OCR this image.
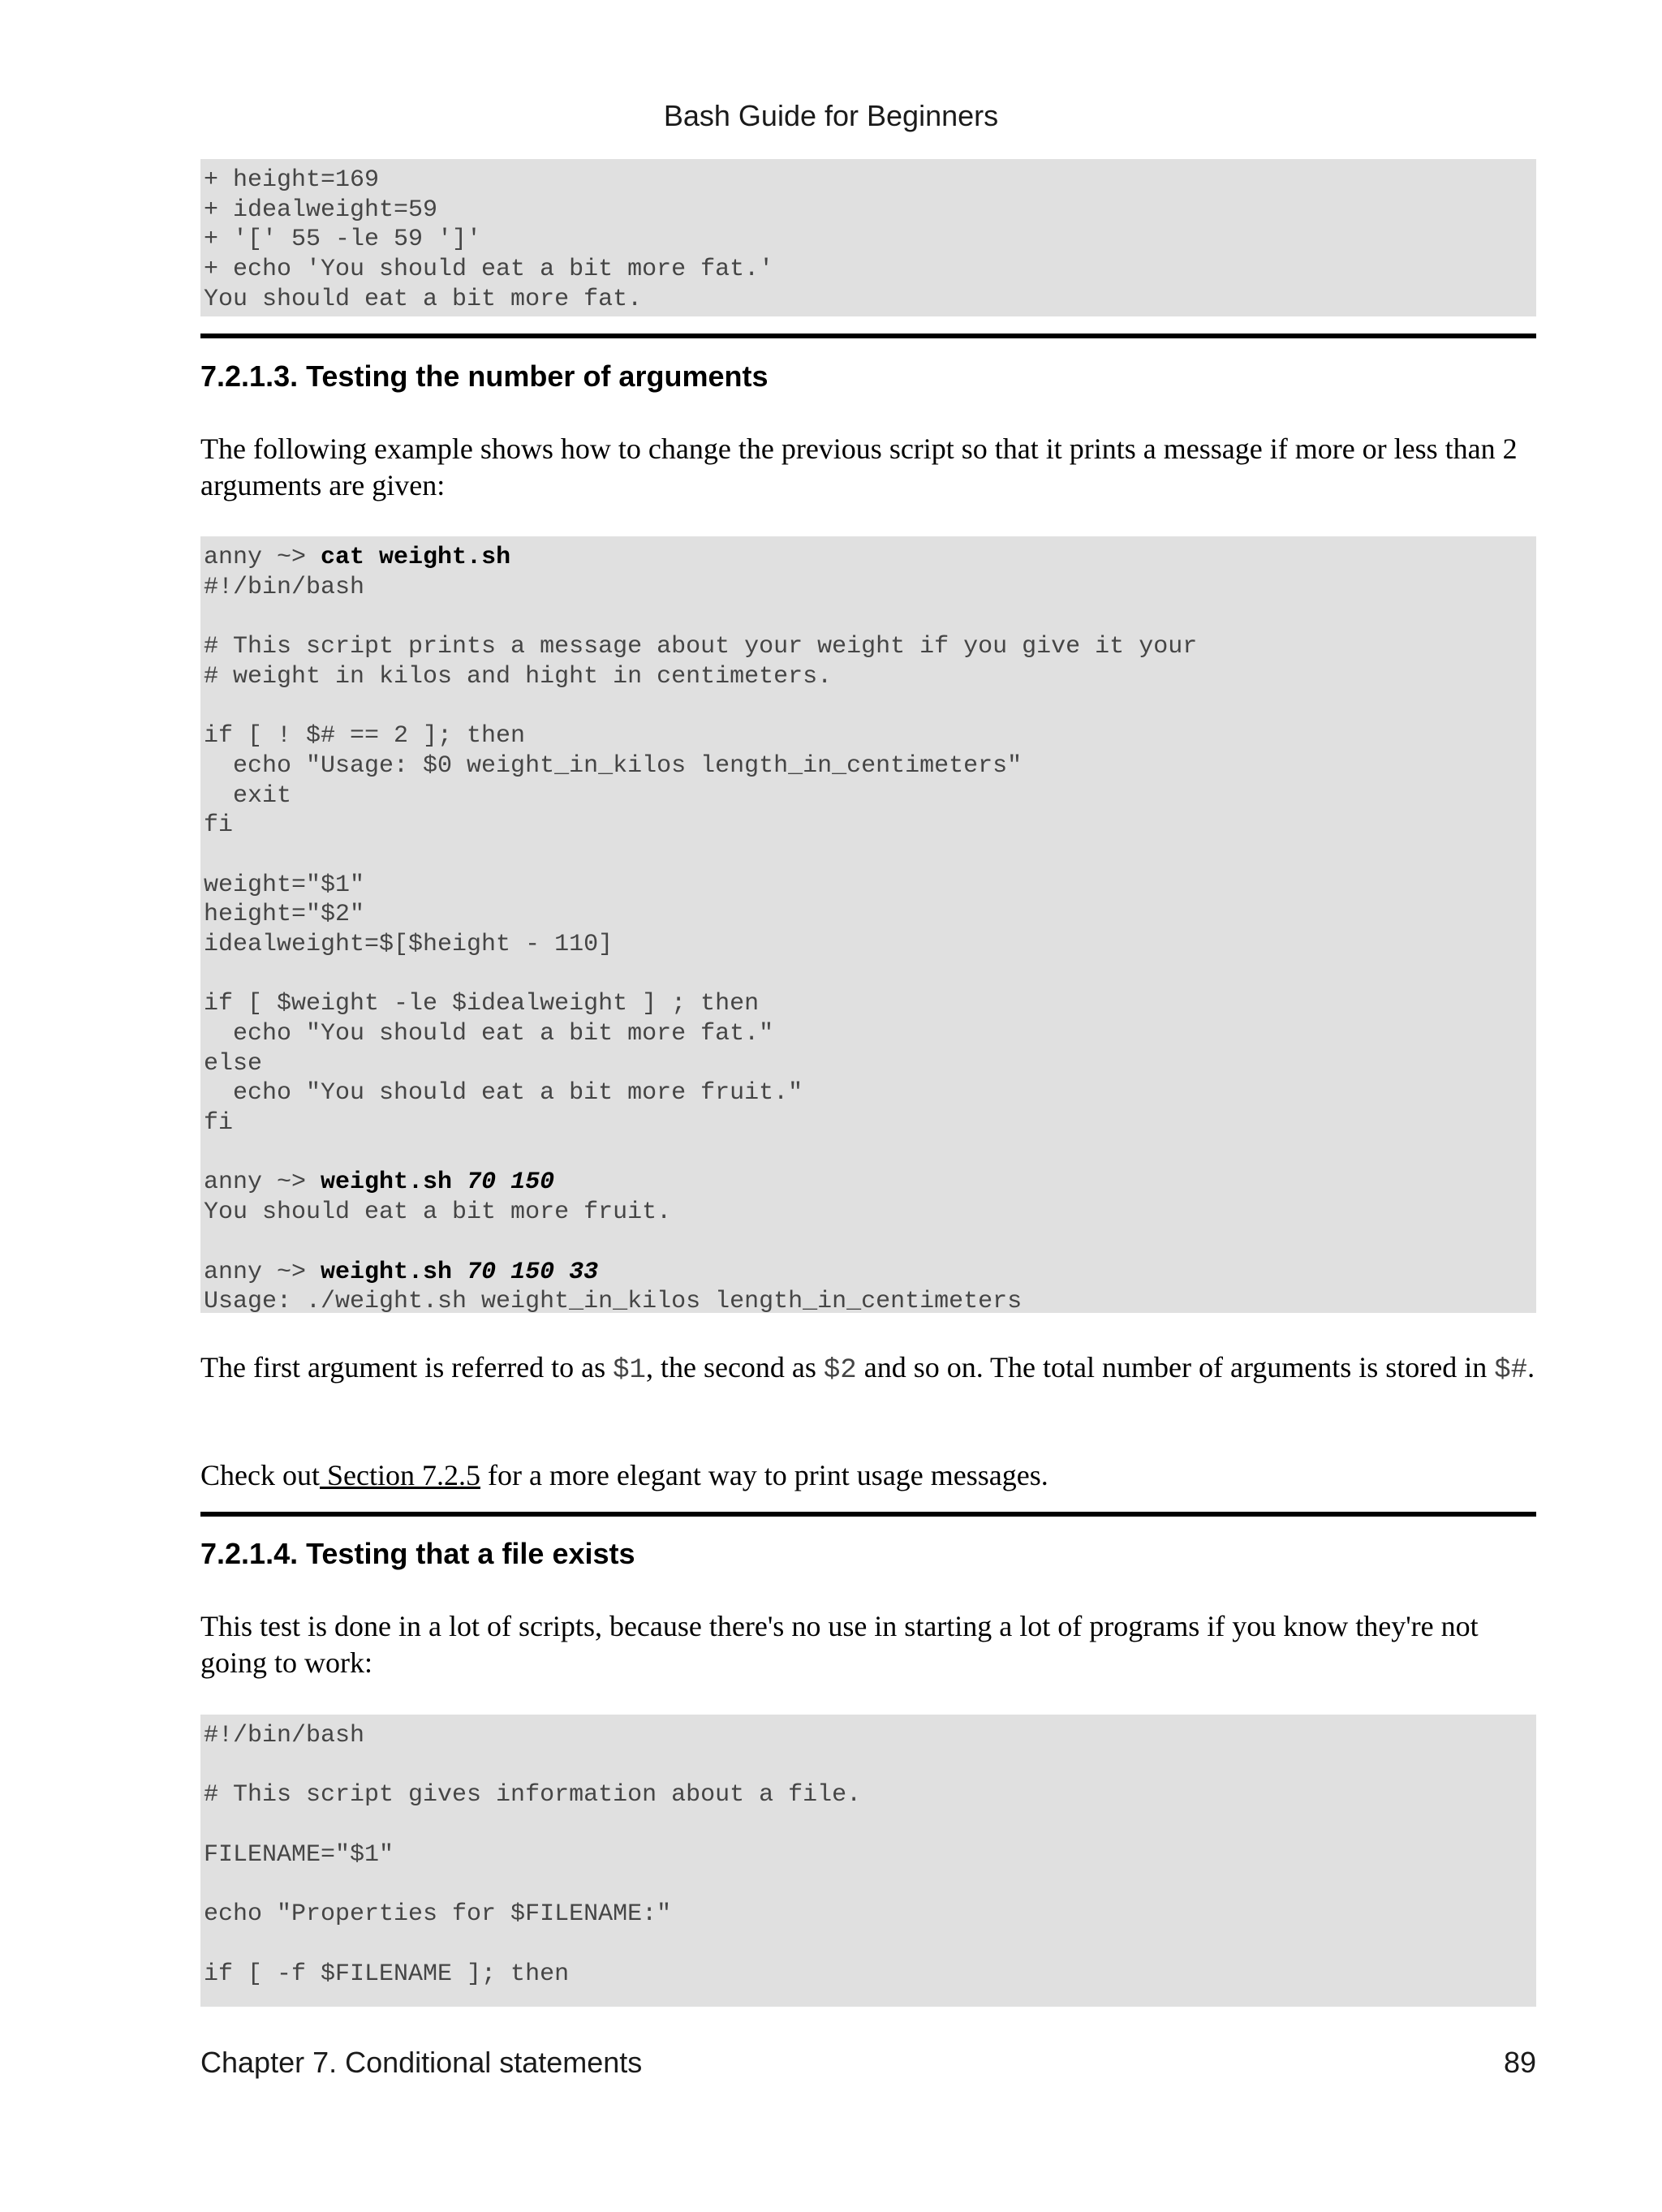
Bash Guide for Beginners
+ height=169
+ idealweight=59
+ '[' 55 -le 59 ']'
+ echo 'You should eat a bit more fat.'
You should eat a bit more fat.
7.2.1.3. Testing the number of arguments
The following example shows how to change the previous script so that it prints a message if more or less than 2 arguments are given:
anny ~> cat weight.sh
#!/bin/bash
# This script prints a message about your weight if you give it your
# weight in kilos and hight in centimeters.
if [ ! $# == 2 ]; then
echo "Usage: $0 weight_in_kilos length_in_centimeters"
exit
fi
weight="$1"
height="$2"
idealweight=$[$height - 110]
if [ $weight -le $idealweight ] ; then
echo "You should eat a bit more fat."
else
echo "You should eat a bit more fruit."
fi
anny ~> weight.sh 70 150
You should eat a bit more fruit.
anny ~> weight.sh 70 150 33
Usage: ./weight.sh weight_in_kilos length_in_centimeters
The first argument is referred to as $1, the second as $2 and so on. The total number of arguments is stored in $#.
Check out Section 7.2.5 for a more elegant way to print usage messages.
7.2.1.4. Testing that a file exists
This test is done in a lot of scripts, because there's no use in starting a lot of programs if you know they're not going to work:
#!/bin/bash
# This script gives information about a file.
FILENAME="$1"
echo "Properties for $FILENAME:"
if [ -f $FILENAME ]; then
Chapter 7. Conditional statements	89
